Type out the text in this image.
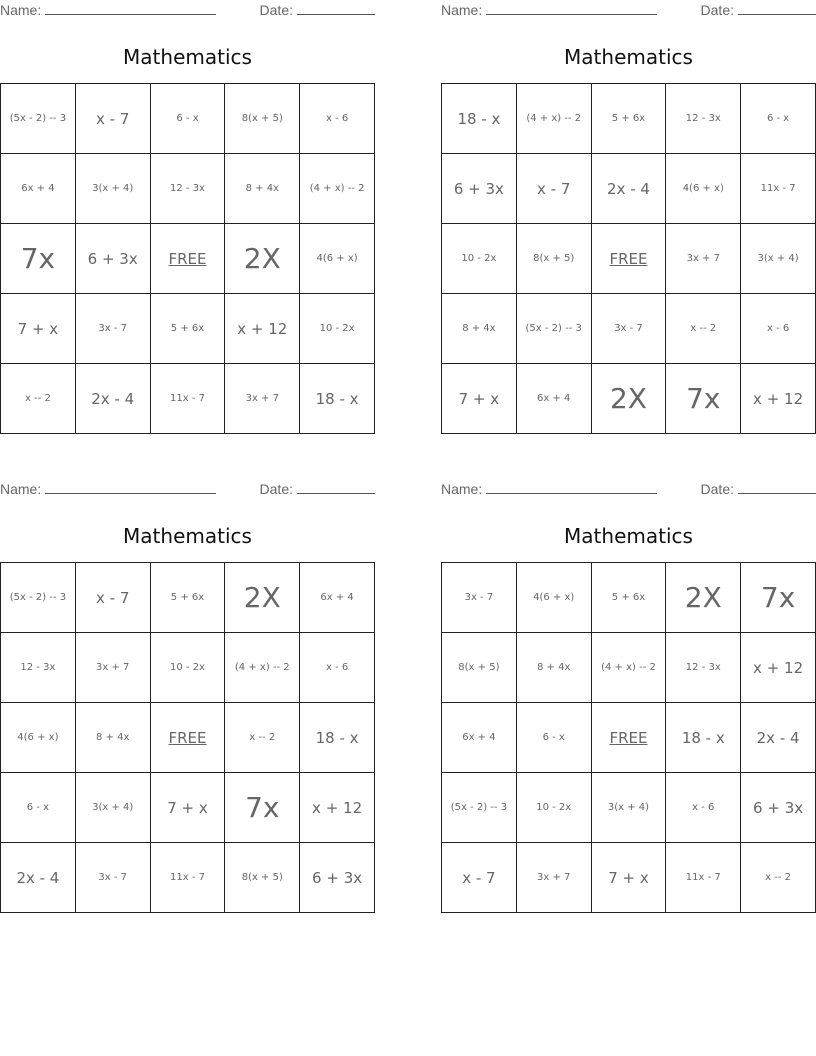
Name:	Date:
Mathematics
(5x - 2) -- 3	x - 7	6 - x	8(x + 5)	x - 6
6x + 4	3(x + 4)	12 - 3x	8 + 4x	(4 + x) -- 2
7x	6 + 3x	FREE	2X	4(6 + x)
7 + x	3x - 7	5 + 6x	x + 12	10 - 2x
x -- 2	2x - 4	11x - 7	3x + 7	18 - x
Name:	Date:
Mathematics
18 - x	(4 + x) -- 2	5 + 6x	12 - 3x	6 - x
6 + 3x	x - 7	2x - 4	4(6 + x)	11x - 7
10 - 2x	8(x + 5)	FREE	3x + 7	3(x + 4)
8 + 4x	(5x - 2) -- 3	3x - 7	x -- 2	x - 6
7 + x	6x + 4	2X	7x	x + 12
Name:	Date:
Mathematics
(5x - 2) -- 3	x - 7	5 + 6x	2X	6x + 4
12 - 3x	3x + 7	10 - 2x	(4 + x) -- 2	x - 6
4(6 + x)	8 + 4x	FREE	x -- 2	18 - x
6 - x	3(x + 4)	7 + x	7x	x + 12
2x - 4	3x - 7	11x - 7	8(x + 5)	6 + 3x
Name:	Date:
Mathematics
3x - 7	4(6 + x)	5 + 6x	2X	7x
8(x + 5)	8 + 4x	(4 + x) -- 2	12 - 3x	x + 12
6x + 4	6 - x	FREE	18 - x	2x - 4
(5x - 2) -- 3	10 - 2x	3(x + 4)	x - 6	6 + 3x
x - 7	3x + 7	7 + x	11x - 7	x -- 2
